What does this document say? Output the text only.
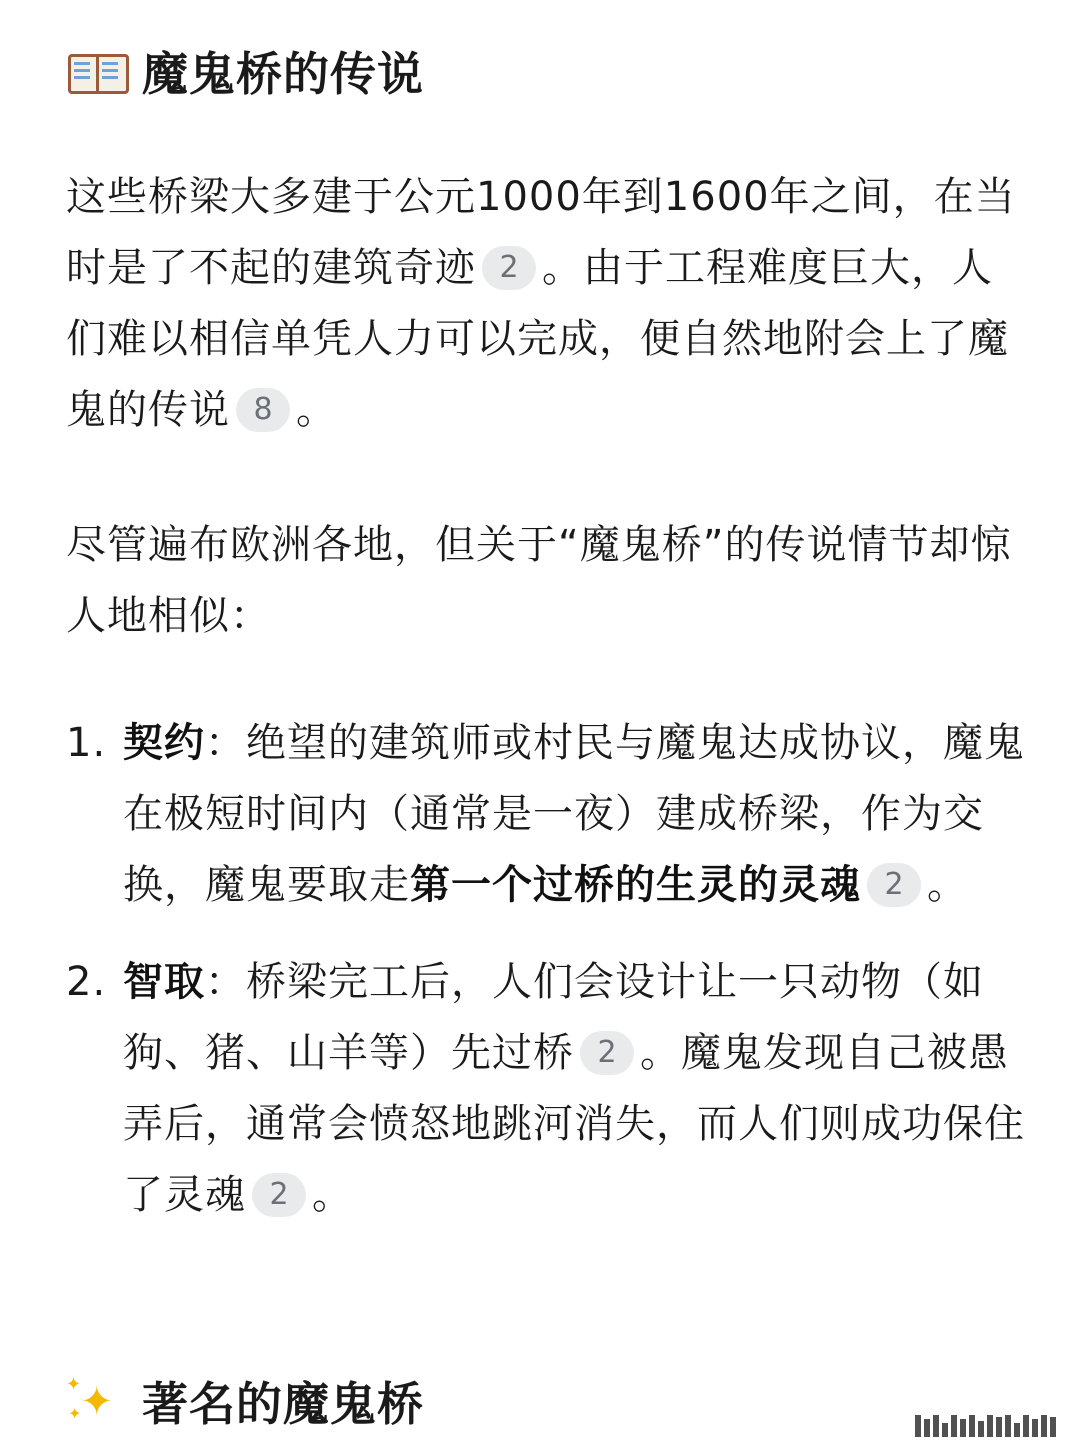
魔鬼桥的传说

这些桥梁大多建于公元1000年到1600年之间，在当时是了不起的建筑奇迹 2 。由于工程难度巨大，人们难以相信单凭人力可以完成，便自然地附会上了魔鬼的传说 8 。

尽管遍布欧洲各地，但关于“魔鬼桥”的传说情节却惊人地相似：

1. 契约：绝望的建筑师或村民与魔鬼达成协议，魔鬼在极短时间内（通常是一夜）建成桥梁，作为交换，魔鬼要取走第一个过桥的生灵的灵魂 2 。
2. 智取：桥梁完工后，人们会设计让一只动物（如狗、猪、山羊等）先过桥 2 。魔鬼发现自己被愚弄后，通常会愤怒地跳河消失，而人们则成功保住了灵魂 2 。
✦
✦
✦ 著名的魔鬼桥
